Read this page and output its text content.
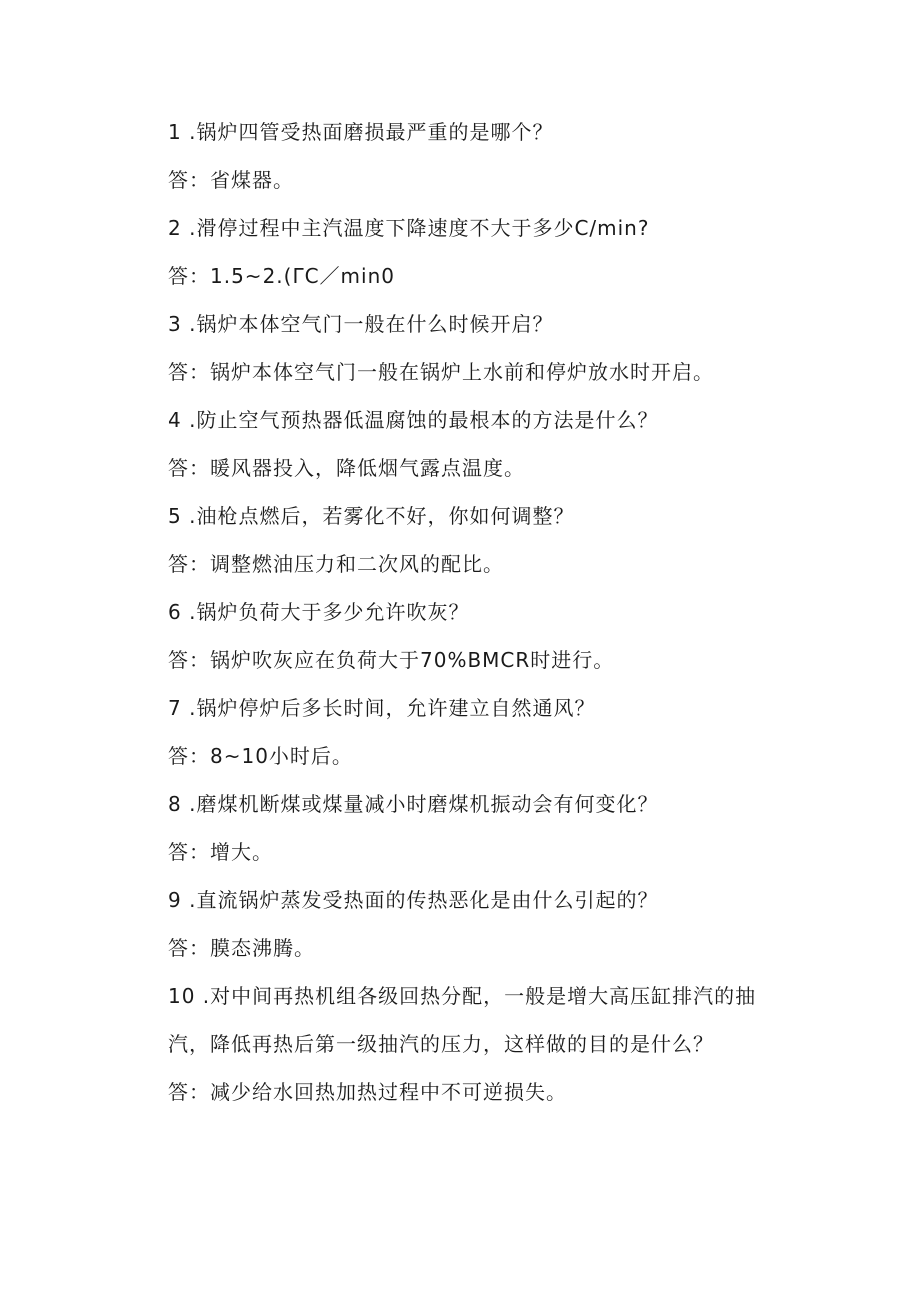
1 .锅炉四管受热面磨损最严重的是哪个？
答：省煤器。
2 .滑停过程中主汽温度下降速度不大于多少C/min?
答：1.5~2.(ΓC／min0
3 .锅炉本体空气门一般在什么时候开启？
答：锅炉本体空气门一般在锅炉上水前和停炉放水时开启。
4 .防止空气预热器低温腐蚀的最根本的方法是什么？
答：暖风器投入，降低烟气露点温度。
5 .油枪点燃后，若雾化不好，你如何调整？
答：调整燃油压力和二次风的配比。
6 .锅炉负荷大于多少允许吹灰？
答：锅炉吹灰应在负荷大于70%BMCR时进行。
7 .锅炉停炉后多长时间，允许建立自然通风？
答：8~10小时后。
8 .磨煤机断煤或煤量减小时磨煤机振动会有何变化？
答：增大。
9 .直流锅炉蒸发受热面的传热恶化是由什么引起的？
答：膜态沸腾。
10 .对中间再热机组各级回热分配，一般是增大高压缸排汽的抽
汽，降低再热后第一级抽汽的压力，这样做的目的是什么？
答：减少给水回热加热过程中不可逆损失。
